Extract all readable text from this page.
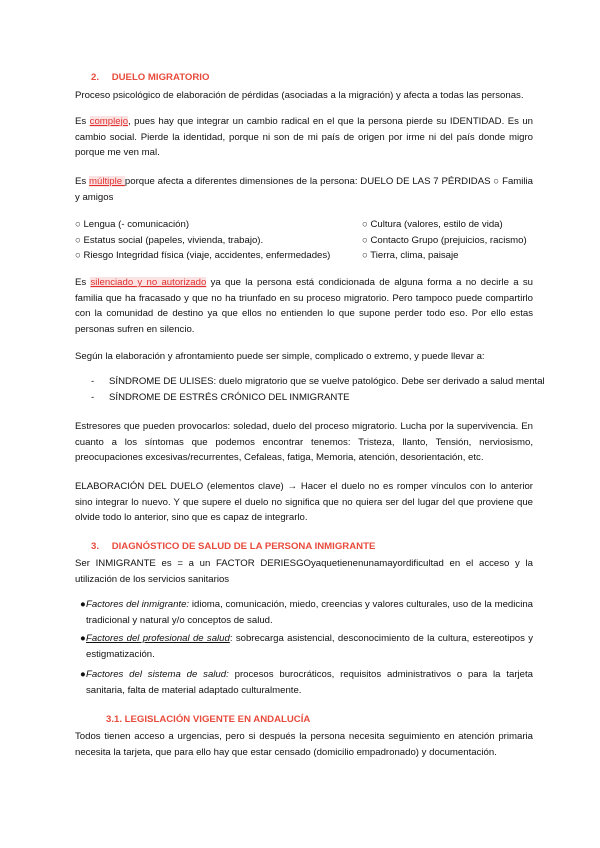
2. DUELO MIGRATORIO

Proceso psicológico de elaboración de pérdidas (asociadas a la migración) y afecta a todas las personas.

Es complejo, pues hay que integrar un cambio radical en el que la persona pierde su IDENTIDAD. Es un cambio social. Pierde la identidad, porque ni son de mi país de origen por irme ni del país donde migro porque me ven mal.

Es múltiple porque afecta a diferentes dimensiones de la persona: DUELO DE LAS 7 PÉRDIDAS ○ Familia y amigos

○ Lengua (- comunicación)
○ Estatus social (papeles, vivienda, trabajo).
○ Riesgo Integridad física (viaje, accidentes, enfermedades)
○ Cultura (valores, estilo de vida)
○ Contacto Grupo (prejuicios, racismo)
○ Tierra, clima, paisaje

Es silenciado y no autorizado ya que la persona está condicionada de alguna forma a no decirle a su familia que ha fracasado y que no ha triunfado en su proceso migratorio. Pero tampoco puede compartirlo con la comunidad de destino ya que ellos no entienden lo que supone perder todo eso. Por ello estas personas sufren en silencio.

Según la elaboración y afrontamiento puede ser simple, complicado o extremo, y puede llevar a:

- SÍNDROME DE ULISES: duelo migratorio que se vuelve patológico. Debe ser derivado a salud mental
- SÍNDROME DE ESTRÉS CRÓNICO DEL INMIGRANTE

Estresores que pueden provocarlos: soledad, duelo del proceso migratorio. Lucha por la supervivencia. En cuanto a los síntomas que podemos encontrar tenemos: Tristeza, llanto, Tensión, nerviosismo, preocupaciones excesivas/recurrentes, Cefaleas, fatiga, Memoria, atención, desorientación, etc.

ELABORACIÓN DEL DUELO (elementos clave) → Hacer el duelo no es romper vínculos con lo anterior sino integrar lo nuevo. Y que supere el duelo no significa que no quiera ser del lugar del que proviene que olvide todo lo anterior, sino que es capaz de integrarlo.

3. DIAGNÓSTICO DE SALUD DE LA PERSONA INMIGRANTE

Ser INMIGRANTE es = a un FACTOR DERIESGOyaquetienenunamayordificultad en el acceso y la utilización de los servicios sanitarios

● Factores del inmigrante: idioma, comunicación, miedo, creencias y valores culturales, uso de la medicina tradicional y natural y/o conceptos de salud.
● Factores del profesional de salud: sobrecarga asistencial, desconocimiento de la cultura, estereotipos y estigmatización.
● Factores del sistema de salud: procesos burocráticos, requisitos administrativos o para la tarjeta sanitaria, falta de material adaptado culturalmente.
3.1. LEGISLACIÓN VIGENTE EN ANDALUCÍA

Todos tienen acceso a urgencias, pero si después la persona necesita seguimiento en atención primaria necesita la tarjeta, que para ello hay que estar censado (domicilio empadronado) y documentación.
